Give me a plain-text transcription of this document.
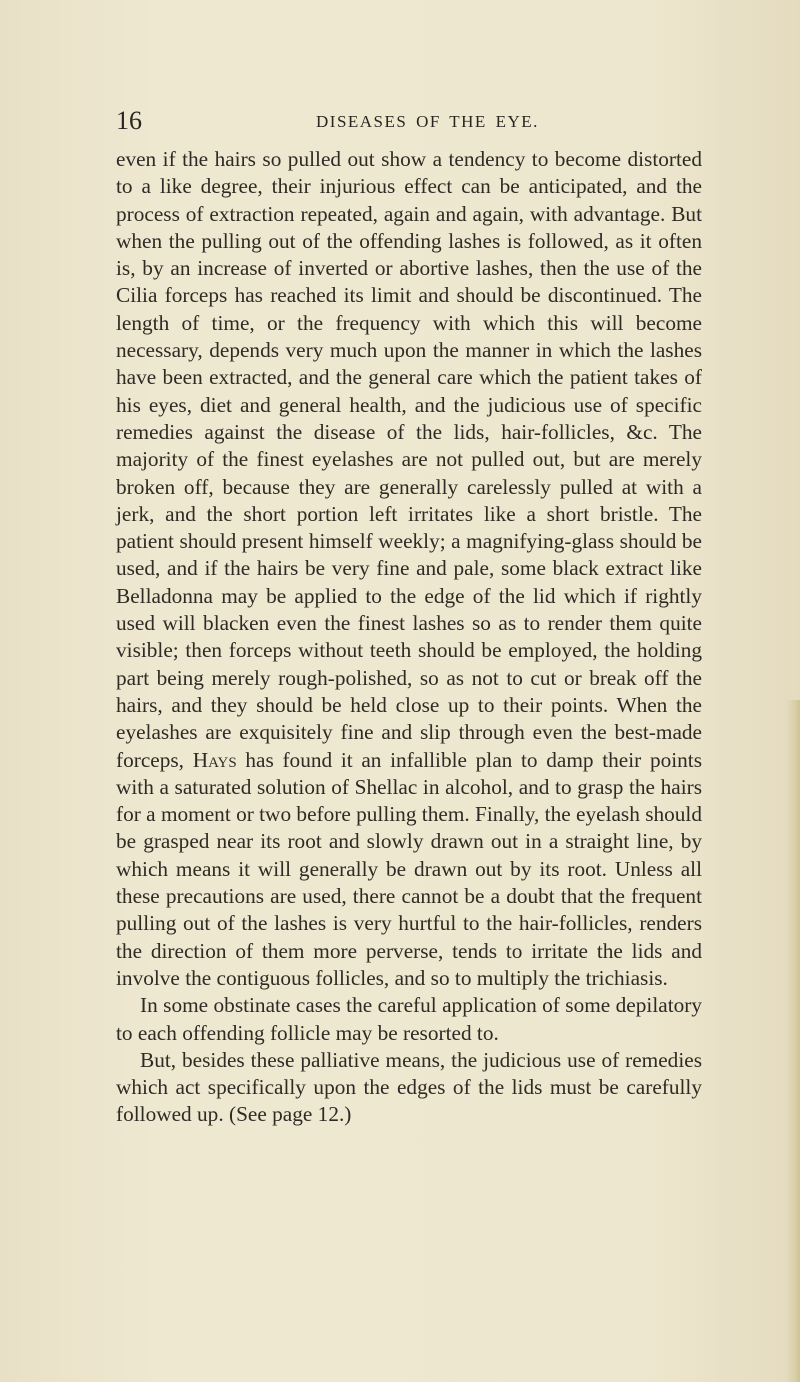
16	DISEASES OF THE EYE.

even if the hairs so pulled out show a tendency to become distorted to a like degree, their injurious effect can be anticipated, and the process of extraction repeated, again and again, with advantage. But when the pulling out of the offending lashes is followed, as it often is, by an increase of inverted or abortive lashes, then the use of the Cilia forceps has reached its limit and should be discontinued. The length of time, or the frequency with which this will become necessary, depends very much upon the manner in which the lashes have been extracted, and the general care which the patient takes of his eyes, diet and general health, and the judicious use of specific remedies against the disease of the lids, hair-follicles, &c. The majority of the finest eyelashes are not pulled out, but are merely broken off, because they are generally carelessly pulled at with a jerk, and the short portion left irritates like a short bristle. The patient should present himself weekly; a magnifying-glass should be used, and if the hairs be very fine and pale, some black extract like Belladonna may be applied to the edge of the lid which if rightly used will blacken even the finest lashes so as to render them quite visible; then forceps without teeth should be employed, the holding part being merely rough-polished, so as not to cut or break off the hairs, and they should be held close up to their points. When the eyelashes are exquisitely fine and slip through even the best-made forceps, Hays has found it an infallible plan to damp their points with a saturated solution of Shellac in alcohol, and to grasp the hairs for a moment or two before pulling them. Finally, the eyelash should be grasped near its root and slowly drawn out in a straight line, by which means it will generally be drawn out by its root. Unless all these precautions are used, there cannot be a doubt that the frequent pulling out of the lashes is very hurtful to the hair-follicles, renders the direction of them more perverse, tends to irritate the lids and involve the contiguous follicles, and so to multiply the trichiasis.

In some obstinate cases the careful application of some depilatory to each offending follicle may be resorted to.

But, besides these palliative means, the judicious use of remedies which act specifically upon the edges of the lids must be carefully followed up. (See page 12.)
